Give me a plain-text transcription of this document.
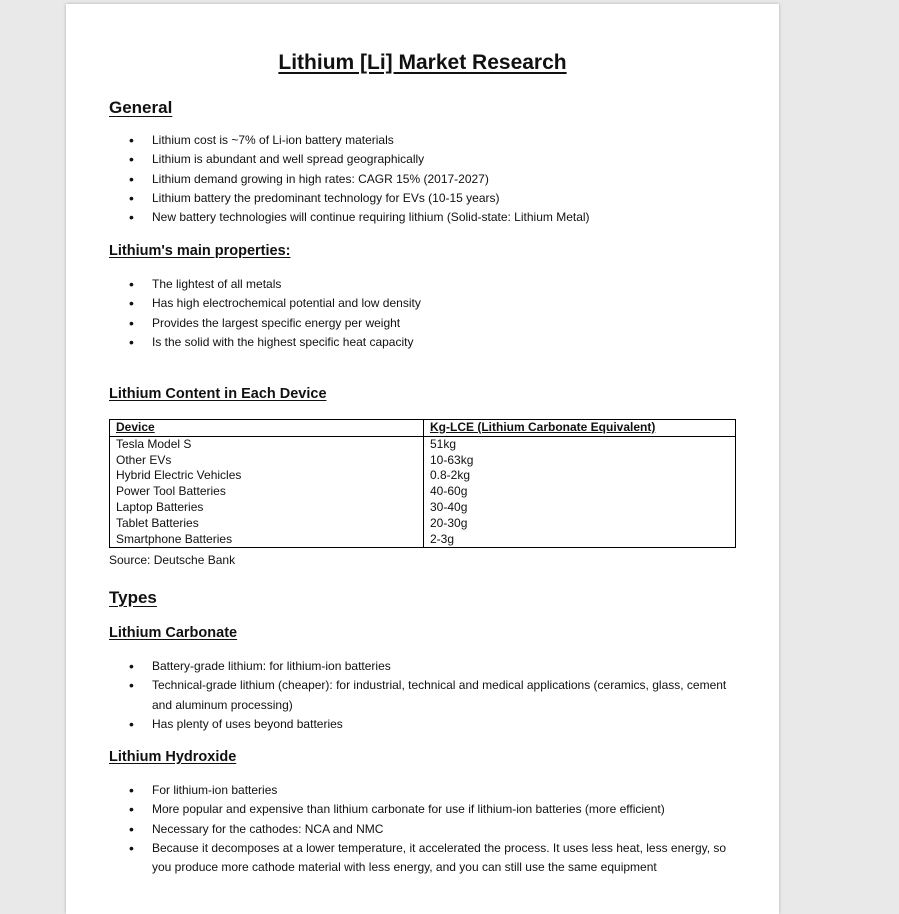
Lithium [Li] Market Research
General
• Lithium cost is ~7% of Li-ion battery materials
• Lithium is abundant and well spread geographically
• Lithium demand growing in high rates: CAGR 15% (2017-2027)
• Lithium battery the predominant technology for EVs (10-15 years)
• New battery technologies will continue requiring lithium (Solid-state: Lithium Metal)
Lithium's main properties:
• The lightest of all metals
• Has high electrochemical potential and low density
• Provides the largest specific energy per weight
• Is the solid with the highest specific heat capacity
Lithium Content in Each Device
Device	Kg-LCE (Lithium Carbonate Equivalent)
Tesla Model S	51kg
Other EVs	10-63kg
Hybrid Electric Vehicles	0.8-2kg
Power Tool Batteries	40-60g
Laptop Batteries	30-40g
Tablet Batteries	20-30g
Smartphone Batteries	2-3g
Source: Deutsche Bank
Types
Lithium Carbonate
• Battery-grade lithium: for lithium-ion batteries
• Technical-grade lithium (cheaper): for industrial, technical and medical applications (ceramics, glass, cement and aluminum processing)
• Has plenty of uses beyond batteries
Lithium Hydroxide
• For lithium-ion batteries
• More popular and expensive than lithium carbonate for use if lithium-ion batteries (more efficient)
• Necessary for the cathodes: NCA and NMC
• Because it decomposes at a lower temperature, it accelerated the process. It uses less heat, less energy, so you produce more cathode material with less energy, and you can still use the same equipment
